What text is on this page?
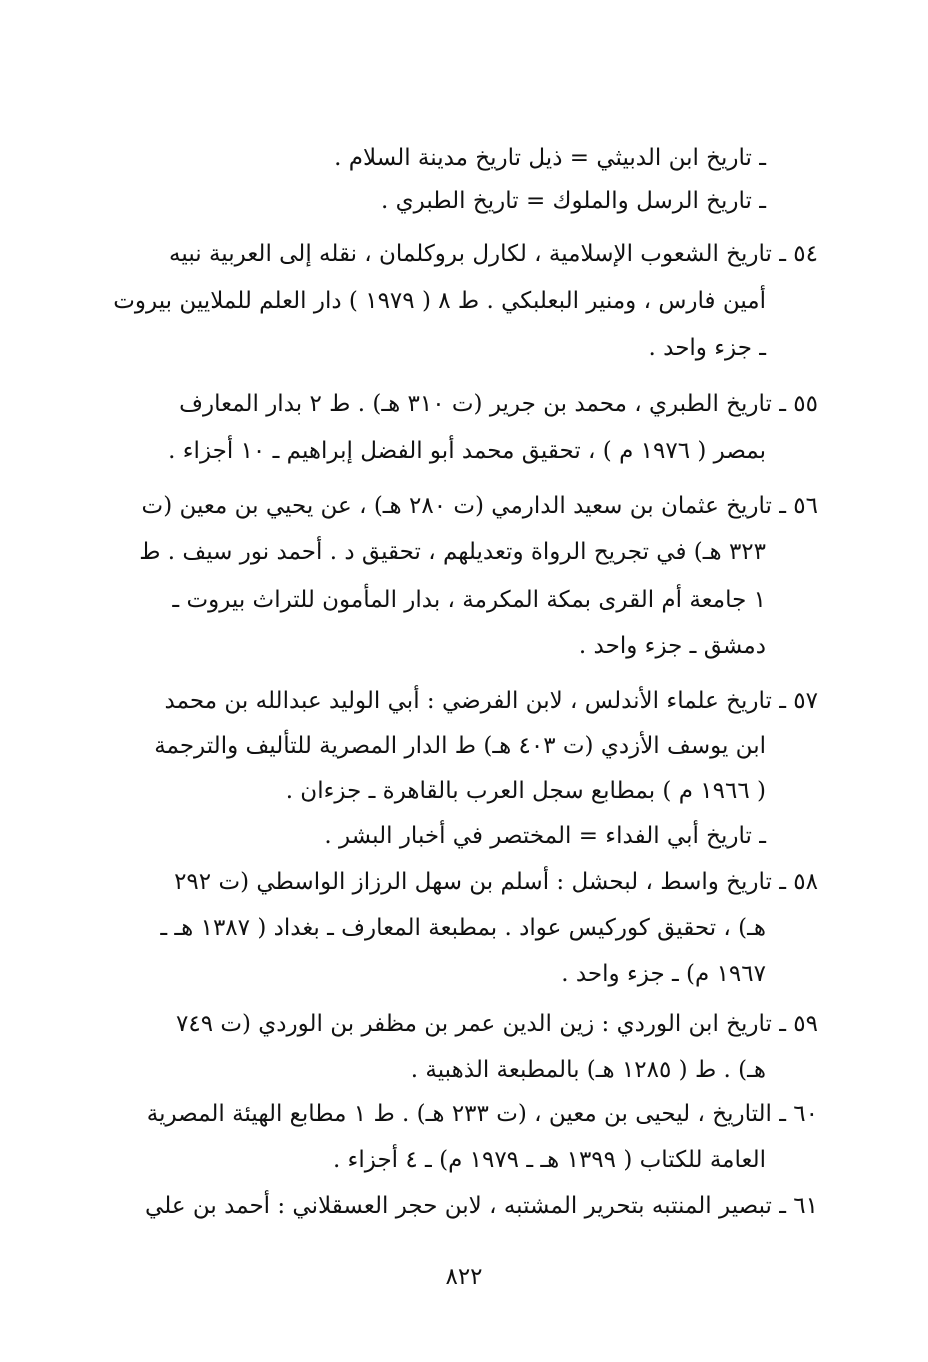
ـ تاريخ ابن الدبيثي = ذيل تاريخ مدينة السلام .
ـ تاريخ الرسل والملوك = تاريخ الطبري .
٥٤ ـ تاريخ الشعوب الإسلامية ، لكارل بروكلمان ، نقله إلى العربية نبيه
أمين فارس ، ومنير البعلبكي . ط ٨ ( ١٩٧٩ ) دار العلم للملايين بيروت
ـ جزء واحد .
٥٥ ـ تاريخ الطبري ، محمد بن جرير (ت ٣١٠ هـ) . ط ٢ بدار المعارف
بمصر ( ١٩٧٦ م ) ، تحقيق محمد أبو الفضل إبراهيم ـ ١٠ أجزاء .
٥٦ ـ تاريخ عثمان بن سعيد الدارمي (ت ٢٨٠ هـ) ، عن يحيي بن معين (ت
٣٢٣ هـ) في تجريح الرواة وتعديلهم ، تحقيق د . أحمد نور سيف . ط
١ جامعة أم القرى بمكة المكرمة ، بدار المأمون للتراث بيروت ـ
دمشق ـ جزء واحد .
٥٧ ـ تاريخ علماء الأندلس ، لابن الفرضي : أبي الوليد عبدالله بن محمد
ابن يوسف الأزدي (ت ٤٠٣ هـ) ط الدار المصرية للتأليف والترجمة
( ١٩٦٦ م ) بمطابع سجل العرب بالقاهرة ـ جزءان .
ـ تاريخ أبي الفداء = المختصر في أخبار البشر .
٥٨ ـ تاريخ واسط ، لبحشل : أسلم بن سهل الرزاز الواسطي (ت ٢٩٢
هـ) ، تحقيق كوركيس عواد . بمطبعة المعارف ـ بغداد ( ١٣٨٧ هـ ـ
١٩٦٧ م) ـ جزء واحد .
٥٩ ـ تاريخ ابن الوردي : زين الدين عمر بن مظفر بن الوردي (ت ٧٤٩
هـ) . ط ( ١٢٨٥ هـ) بالمطبعة الذهبية .
٦٠ ـ التاريخ ، ليحيى بن معين ، (ت ٢٣٣ هـ) . ط ١ مطابع الهيئة المصرية
العامة للكتاب ( ١٣٩٩ هـ ـ ١٩٧٩ م) ـ ٤ أجزاء .
٦١ ـ تبصير المنتبه بتحرير المشتبه ، لابن حجر العسقلاني : أحمد بن علي
٨٢٢
